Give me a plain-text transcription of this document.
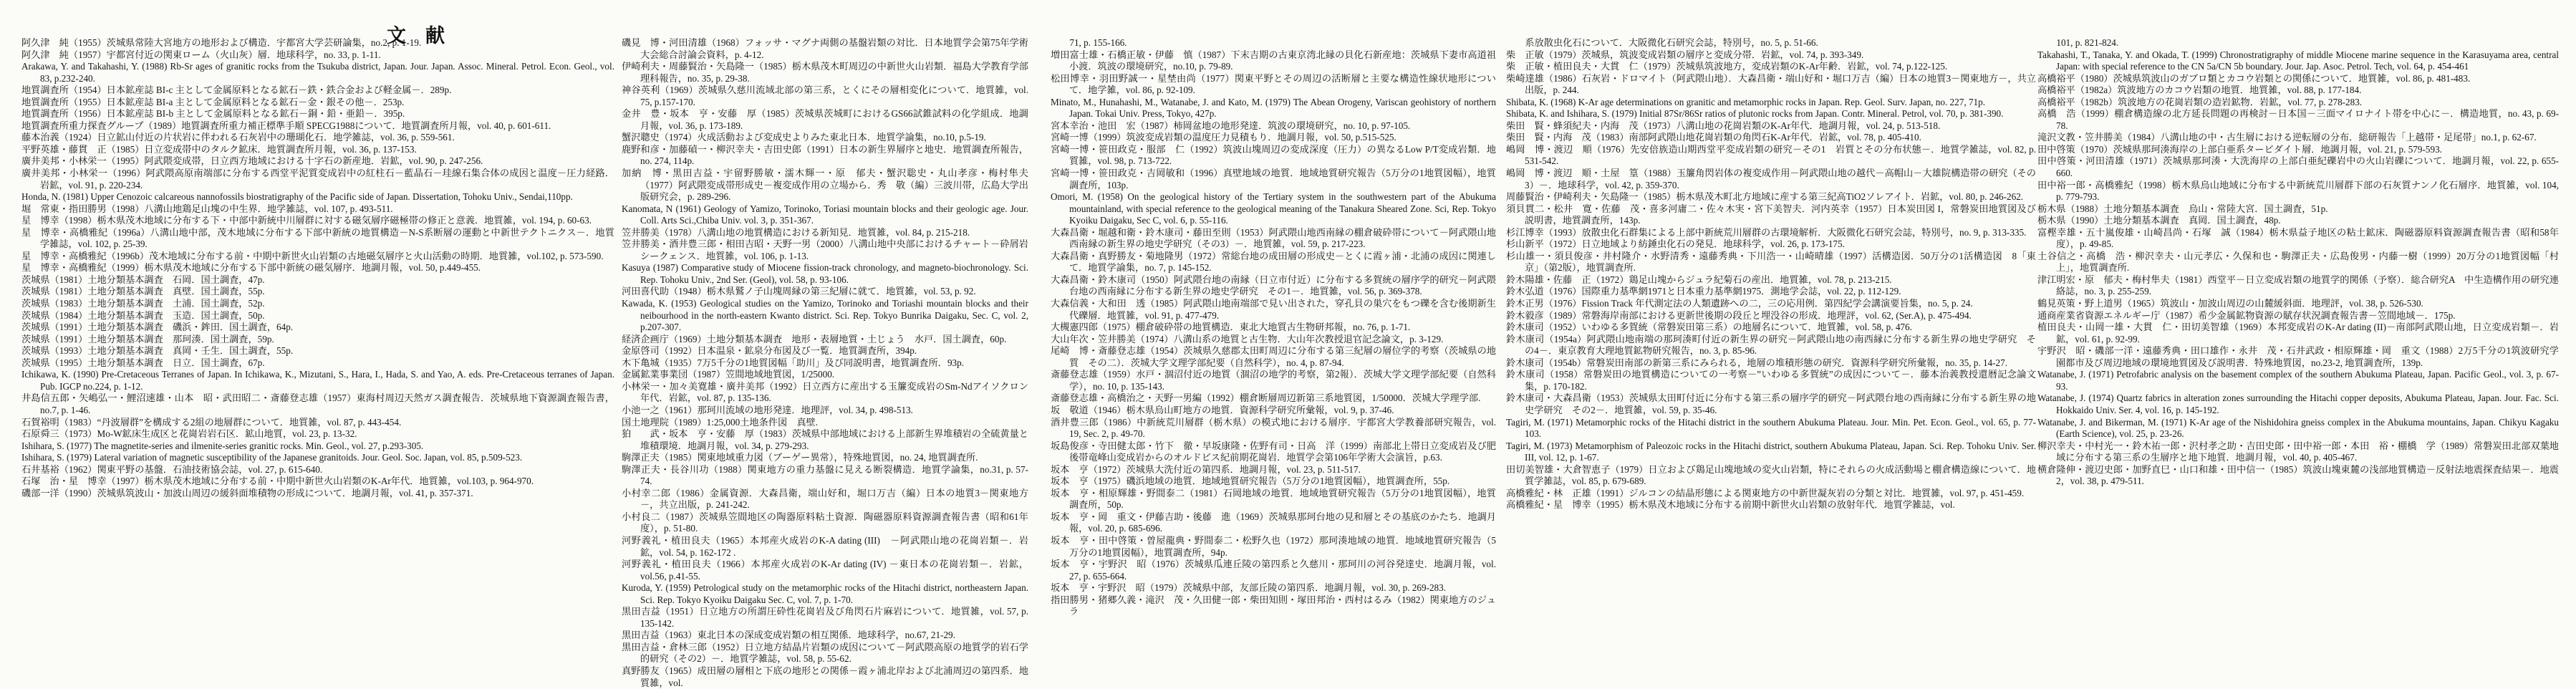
文　献

阿久津　純（1955）茨城県常陸大宮地方の地形および構造．宇都宮大学芸研論集，no.2, p. 1-19.

阿久津　純（1957）宇都宮付近の関東ローム（火山灰）層．地球科学，no. 33, p. 1-11.

Arakawa, Y. and Takahashi, Y. (1988) Rb-Sr ages of granitic rocks from the Tsukuba district, Japan. Jour. Japan. Assoc. Mineral. Petrol. Econ. Geol., vol. 83, p.232-240.

地質調査所（1954）日本鉱産誌 BI-c 主として金属原料となる鉱石－鉄・鉄合金および軽金属－．289p.

地質調査所（1955）日本鉱産誌 BI-a 主として金属原料となる鉱石－金・銀その他－．253p.

地質調査所（1956）日本鉱産誌 BI-b 主として金属原料となる鉱石－銅・鉛・亜鉛－．395p.

地質調査所重力探査グループ（1989）地質調査所重力補正標準手順 SPECG1988について．地質調査所月報，vol. 40, p. 601-611.

藤本治義（1924）日立鉱山付近の片状岩に伴われる石灰岩中の珊瑚化石．地学雑誌，vol. 36, p. 559-561.

平野英雄・藤貫　正（1985）日立変成帯中のタルク鉱床．地質調査所月報，vol. 36, p. 137-153.

廣井美邦・小林栄一（1995）阿武隈変成帯，日立西方地域における十字石の新産地．岩鉱，vol. 90, p. 247-256.

廣井美邦・小林栄一（1996）阿武隈高原南端部に分布する西堂平泥質変成岩中の紅柱石－藍晶石－珪線石集合体の成因と温度－圧力経路．岩鉱，vol. 91, p. 220-234.

Honda, N. (1981) Upper Cenozoic calcareous nannofossils biostratigraphy of the Pacific side of Japan. Dissertation, Tohoku Univ., Sendai,110pp.

堀　常東・指田勝男（1998）八溝山地鶏足山塊の中生界．地学雑誌，vol. 107, p. 493-511.

星　博幸（1998）栃木県茂木地域に分布する下・中部中新統中川層群に対する磁気層序磁極帯の修正と意義．地質雑，vol. 194, p. 60-63.

星　博幸・高橋雅紀（1996a）八溝山地中部，茂木地域に分布する下部中新統の地質構造－N-S系断層の運動と中新世テクトニクス－．地質学雑誌，vol. 102, p. 25-39.

星　博幸・高橋雅紀（1996b）茂木地域に分布する前・中期中新世火山岩類の古地磁気層序と火山活動の時期．地質雑，vol.102, p. 573-590.

星　博幸・高橋雅紀（1999）栃木県茂木地域に分布する下部中新統の磁気層序．地調月報，vol. 50, p.449-455.

茨城県（1981）土地分類基本調査　石岡．国土調査，47p.

茨城県（1981）土地分類基本調査　真壁．国土調査，55p.

茨城県（1983）土地分類基本調査　土浦．国土調査，52p.

茨城県（1984）土地分類基本調査　玉造．国土調査，50p.

茨城県（1991）土地分類基本調査　磯浜・鉾田．国土調査，64p.

茨城県（1991）土地分類基本調査　那珂湊．国土調査，59p.

茨城県（1993）土地分類基本調査　真岡・壬生．国土調査，55p.

茨城県（1995）土地分類基本調査　日立．国土調査，67p.

Ichikawa, K. (1990) Pre-Cretaceous Terranes of Japan. In Ichikawa, K., Mizutani, S., Hara, I., Hada, S. and Yao, A. eds. Pre-Cretaceous terranes of Japan. Pub. IGCP no.224, p. 1-12.

井島信五郎・矢嶋弘一・鯉沼速雄・山本　昭・武田昭二・斎藤登志雄（1957）東海村周辺天然ガス調査報告．茨城県地下資源調査報告書，no.7, p. 1-46.

石賀裕明（1983）“丹波層群”を構成する2組の地層群について．地質雑，vol. 87, p. 443-454.

石原舜三（1973）Mo-W鉱床生成区と花崗岩岩石区．鉱山地質，vol. 23, p. 13-32.

Ishihara, S. (1977) The magnetite-series and ilmenite-series granitic rocks. Min. Geol., vol. 27, p.293-305.

Ishihara, S. (1979) Lateral variation of magnetic susceptibility of the Japanese granitoids. Jour. Geol. Soc. Japan, vol. 85, p.509-523.

石井基裕（1962）関東平野の基盤．石油技術協会誌，vol. 27, p. 615-640.

石塚　治・星　博幸（1997）栃木県茂木地域に分布する前・中期中新世火山岩類のK-Ar年代．地質雑，vol.103, p. 964-970.

磯部一洋（1990）茨城県筑波山・加波山周辺の緩斜面堆積物の形成について．地調月報，vol. 41, p. 357-371.

磯見　博・河田清雄（1968）フォッサ・マグナ両側の基盤岩類の対比．日本地質学会第75年学術大会総合討論会資料，p. 4-12.

伊崎利夫・周藤賢治・矢島隆一（1985）栃木県茂木町周辺の中新世火山岩類．福島大学教育学部理科報告，no. 35, p. 29-38.

神谷英利（1969）茨城県久慈川流域北部の第三系，とくにその層相変化について．地質雑，vol. 75, p.157-170.

金井　豊・坂本　亨・安藤　厚（1985）茨城県茨城町におけるGS66試錐試料の化学組成．地調月報，vol. 36, p. 173-189.

蟹沢聰史（1974）火成活動および変成史よりみた東北日本．地質学論集，no.10, p.5-19.

鹿野和彦・加藤碵一・柳沢幸夫・吉田史郎（1991）日本の新生界層序と地史．地質調査所報告，no. 274, 114p.

加納　博・黒田吉益・宇留野勝敏・濡木輝一・原　郁夫・蟹沢聡史・丸山孝彦・梅村隼夫（1977）阿武隈変成帯形成史－複変成作用の立場から．秀　敬（編）三波川帯，広島大学出版研究会，p. 289-296.

Kanomata, N (1961) Geology of Yamizo, Torinoko, Toriasi mountain blocks and their geologic age. Jour. Coll. Arts Sci.,Chiba Univ. vol. 3, p. 351-367.

笠井勝美（1978）八溝山地の地質構造における新知見．地質雑，vol. 84, p. 215-218.

笠井勝美・酒井豊三郎・相田吉昭・天野一男（2000）八溝山地中央部におけるチャート－砕屑岩シークェンス．地質雑，vol. 106, p. 1-13.

Kasuya (1987) Comparative study of Miocene fission-track chronology, and magneto-biochronology. Sci. Rep. Tohoku Univ., 2nd Ser. (Geol), vol. 58, p. 93-106.

河田喜代助（1948）栃木県鷲ノ子山塊周縁の第三紀層に就て．地質雑，vol. 53, p. 92.

Kawada, K. (1953) Geological studies on the Yamizo, Torinoko and Toriashi mountain blocks and their neibourhood in the north-eastern Kwanto district. Sci. Rep. Tokyo Bunrika Daigaku, Sec. C, vol. 2, p.207-307.

経済企画庁（1969）土地分類基本調査　地形・表層地質・土じょう　水戸．国土調査，60p.

金原啓司（1992）日本温泉・鉱泉分布図及び一覧．地質調査所，394p.

木下亀城（1935）7万5千分の1地質図幅「助川」及び同説明書，地質調査所．93p.

金属鉱業事業団（1987）笠間地域地質図，1/25000.

小林栄一・加々美寛雄・廣井美邦（1992）日立西方に産出する玉簾変成岩のSm-Ndアイソクロン年代．岩鉱，vol. 87, p. 135-136.

小池一之（1961）那珂川流域の地形発達．地理評，vol. 34, p. 498-513.

国土地理院（1989）1:25,000土地条件図　真壁.

狛　　武・坂本　亨・安藤　厚（1983）茨城県中部地域における上部新生界堆積岩の全硫黄量と堆積環境．地調月報，vol. 34, p. 279-293.

駒澤正夫（1985）関東地域重力図（ブーゲー異常），特殊地質図，no. 24, 地質調査所.

駒澤正夫・長谷川功（1988）関東地方の重力基盤に見える断裂構造．地質学論集，no.31, p. 57-74.

小村幸二郎（1986）金属資源．大森昌衛，端山好和，堀口万吉（編）日本の地質3－関東地方－，共立出版，p. 241-242.

小村良二（1987）茨城県笠間地区の陶器原料粘土資源．陶磁器原料資源調査報告書（昭和61年度），p. 51-80.

河野義礼・植田良夫（1965）本邦産火成岩のK-A dating (III)　－阿武隈山地の花崗岩類－．岩鉱，vol. 54, p. 162-172 .

河野義礼・植田良夫（1966）本邦産火成岩のK-Ar dating (IV) －東日本の花崗岩類－．岩鉱，vol.56, p.41-55.

Kuroda, Y. (1959) Petrological study on the metamorphic rocks of the Hitachi district, northeastern Japan. Sci. Rep. Tokyo Kyoiku Daigaku Sec. C, vol. 7, p. 1-70.

黒田吉益（1951）日立地方の所謂圧砕性花崗岩及び角閃石片麻岩について．地質雑，vol. 57, p. 135-142.

黒田吉益（1963）東北日本の深成変成岩類の相互関係．地球科学，no.67, 21-29.

黒田吉益・倉林三郎（1952）日立地方結晶片岩類の成因について－阿武隈高原の地質学的岩石学的研究（その2）－．地質学雑誌，vol. 58, p. 55-62.

真野勝友（1965）成田層の層相と下底の地形との関係－霞ヶ浦北岸および北浦周辺の第四系．地質雑，vol.

　　71, p. 155-166.

増田富士雄・石橋正敏・伊藤　慎（1987）下末吉期の古東京湾北縁の貝化石新産地：茨城県下妻市高道祖小渡．筑波の環境研究，no.10, p. 79-89.

松田博幸・羽田野誠一・星埜由尚（1977）関東平野とその周辺の活断層と主要な構造性線状地形について．地学雑，vol. 86, p. 92-109.

Minato, M., Hunahashi, M., Watanabe, J. and Kato, M. (1979) The Abean Orogeny, Variscan geohistory of northern Japan. Tokai Univ. Press, Tokyo, 427p.

宮本幸治・池田　宏（1987）柿岡盆地の地形発達．筑波の環境研究，no. 10, p. 97-105.

宮崎一博（1999）筑波変成岩類の温度圧力見積もり．地調月報，vol. 50, p.515-525.

宮崎一博・笹田政克・服部　仁（1992）筑波山塊周辺の変成深度（圧力）の異なるLow P/T変成岩類．地質雑，vol. 98, p. 713-722.

宮崎一博・笹田政克・吉岡敏和（1996）真壁地域の地質．地域地質研究報告（5万分の1地質図幅），地質調査所，103p.

Omori, M. (1958) On the geological history of the Tertiary system in the southwestern part of the Abukuma mountainland, with special reference to the geological meaning of the Tanakura Sheared Zone. Sci, Rep. Tokyo Kyoiku Daigaku, Sec C, vol. 6, p. 55-116.

大森昌衛・堀越和衛・鈴木康司・藤田至則（1953）阿武隈山地西南縁の棚倉破砕帯について－阿武隈山地西南縁の新生界の地史学研究（その3）－．地質雑，vol. 59, p. 217-223.

大森昌衛・真野勝友・菊地隆男（1972）常総台地の成田層の形成史－とくに霞ヶ浦・北浦の成因に関連して．地質学論集，no. 7, p. 145-152.

大森昌衛・鈴木康司（1950）阿武隈台地の南縁（日立市付近）に分布する多賀統の層序学的研究－阿武隈台地の西南縁に分布する新生界の地史学研究　その1－．地質雑，vol. 56, p. 369-378.

大森信義・大和田　透（1985）阿武隈山地南端部で見い出された，穿孔貝の巣穴をもつ礫を含む後期新生代礫層．地質雑，vol. 91, p. 477-479.

大槻憲四郎（1975）棚倉破砕帯の地質構造．東北大地質古生物研邦報，no. 76, p. 1-71.

大山年次・笠井勝美（1974）八溝山系の地質と古生物．大山年次教授退官記念論文，p. 3-129.

尾崎　博・斎藤登志雄（1954）茨城県久慈郡太田町周辺に分布する第三紀層の層位学的考察（茨城県の地質　その二）．茨城大学文理学部紀要（自然科学），no. 4, p. 87-94.

斎藤登志雄（1959）水戸・涸沼付近の地質（涸沼の地学的考察，第2報）．茨城大学文理学部紀要（自然科学），no. 10, p. 135-143.

斎藤登志雄・高橋治之・天野一男編（1992）棚倉断層周辺新第三系地質図，1/50000．茨城大学理学部.

坂　敬道（1946）栃木県烏山町地方の地質．資源科学研究所彙報，vol. 9, p. 37-46.

酒井豊三郎（1986）中新統荒川層群（栃木県）の模式地における層序．宇都宮大学教養部研究報告，vol. 19, Sec. 2, p. 49-70.

坂島俊彦・寺田健太郎・竹下　徹・早坂康隆・佐野有司・日高　洋（1999）南部北上帯日立変成岩及び肥後帯竜峰山変成岩からのオルドビス紀前期花崗岩．地質学会第106年学術大会演旨，p.63.

坂本　亨（1972）茨城県大洗付近の第四系．地調月報，vol. 23, p. 511-517.

坂本　亨（1975）磯浜地域の地質．地域地質研究報告（5万分の1地質図幅），地質調査所，55p.

坂本　亨・相原輝雄・野間泰二（1981）石岡地域の地質．地域地質研究報告（5万分の1地質図幅），地質調査所，50p.

坂本　亨・岡　重文・伊藤吉助・後藤　進（1969）茨城県那珂台地の見和層とその基底のかたち．地調月報，vol. 20, p. 685-696.

坂本　亨・田中啓策・曽屋龍典・野間泰二・松野久也（1972）那珂湊地域の地質．地域地質研究報告（5万分の1地質図幅），地質調査所，94p.

坂本　亨・宇野沢　昭（1976）茨城県瓜連丘陵の第四系と久慈川・那珂川の河谷発達史．地調月報，vol. 27, p. 655-664.

坂本　亨・宇野沢　昭（1979）茨城県中部，友部丘陵の第四系．地調月報，vol. 30, p. 269-283.

指田勝男・猪郷久義・滝沢　茂・久田健一郎・柴田知則・塚田邦治・西村はるみ（1982）関東地方のジュラ

　　系放散虫化石について．大阪微化石研究会誌，特別号，no. 5, p. 51-66.

柴　正敏（1979）茨城県，筑波変成岩類の層序と変成分帯．岩鉱，vol. 74, p. 393-349.

柴　正敏・植田良夫・大貫　仁（1979）茨城県筑波地方，変成岩類のK-Ar年齢．岩鉱，vol. 74, p.122-125.

柴崎達雄（1986）石灰岩・ドロマイト（阿武隈山地）．大森昌衛・端山好和・堀口万吉（編）日本の地質3－関東地方－，共立出版，p. 244.

Shibata, K. (1968) K-Ar age determinations on granitic and metamorphic rocks in Japan. Rep. Geol. Surv. Japan, no. 227, 71p.

Shibata, K. and Ishihara, S. (1979) Initial 87Sr/86Sr ratios of plutonic rocks from Japan. Contr. Mineral. Petrol, vol. 70, p. 381-390.

柴田　賢・蜂須紀夫・内海　茂（1973）八溝山地の花崗岩類のK-Ar年代．地調月報，vol. 24, p. 513-518.

柴田　賢・内海　茂（1983）南部阿武隈山地花崗岩類の角閃石K-Ar年代．岩鉱，vol. 78, p. 405-410.

嶋岡　博・渡辺　順（1976）先安倍族造山期西堂平変成岩類の研究－その1　岩質とその分布状態－．地質学雑誌，vol. 82, p. 531-542.

嶋岡　博・渡辺　順・土屋　篁（1988）玉簾角閃岩体の複変成作用－阿武隈山地の越代－高帽山－大雄院構造帯の研究（その3）－．地球科学，vol. 42, p. 359-370.

周藤賢治・伊崎利夫・矢島隆一（1985）栃木県茂木町北方地域に産する第三紀高TiO2ソレアイト．岩鉱，vol. 80, p. 246-262.

須貝貫二・松井　寛・佐藤　茂・喜多河庸二・佐々木実・宮下美智夫．河内英幸（1957）日本炭田図 I，常磐炭田地質図及び説明書，地質調査所，143p.

杉江博幸（1993）放散虫化石群集による上部中新統荒川層群の古環境解析．大阪微化石研究会誌，特別号，no. 9, p. 313-335.

杉山新平（1972）日立地域より紡錘虫化石の発見．地球科学，vol. 26, p. 173-175.

杉山雄一・須貝俊彦・井村隆介・水野清秀・遠藤秀典・下川浩一・山崎晴雄（1997）活構造図．50万分の1活構造図　8「東京」（第2版），地質調査所.

鈴木陽雄・佐藤　正（1972）鶏足山塊からジュラ紀菊石の産出．地質雑，vol. 78, p. 213-215.

鈴木弘道（1976）国際重力基準網1971と日本重力基準網1975．測地学会誌，vol. 22, p. 112-129.

鈴木正男（1976）Fission Track 年代測定法の人類遺跡への二，三の応用例．第四紀学会講演要旨集，no. 5, p. 24.

鈴木毅彦（1989）常磐海岸南部における更新世後期の段丘と埋没谷の形成．地理評，vol. 62, (Ser.A), p. 475-494.

鈴木康司（1952）いわゆる多賀統（常磐炭田第三系）の地層名について．地質雑，vol. 58, p. 476.

鈴木康司（1954a）阿武隈山地南端の那珂湊町付近の新生界の研究－阿武隈山地の南西縁に分布する新生界の地史学研究　その4－．東京教育大理地質鉱物研究報告，no. 3, p. 85-96.

鈴木康司（1954b）常磐炭田南部の新第三系にみられる，地層の堆積形態の研究．資源科学研究所彙報，no. 35, p. 14-27.

鈴木康司（1958）常磐炭田の地質構造についての一考察－”いわゆる多賀統”の成因について－．藤本治義教授還暦記念論文集，p. 170-182.

鈴木康司・大森昌衛（1953）茨城県太田町付近に分布する第三系の層序学的研究－阿武隈台地の西南縁に分布する新生界の地史学研究　その2－．地質雑，vol. 59, p. 35-46.

Tagiri, M. (1971) Metamorphic rocks of the Hitachi district in the southern Abukuma Plateau. Jour. Min. Pet. Econ. Geol., vol. 65, p. 77-103.

Tagiri, M. (1973) Metamorphism of Paleozoic rocks in the Hitachi district, southern Abukuma Plateau, Japan. Sci. Rep. Tohoku Univ. Ser. III, vol. 12, p. 1-67.

田切美智雄・大倉智恵子（1979）日立および鶏足山塊地域の変火山岩類，特にそれらの火成活動場と棚倉構造線について．地質学雑誌，vol. 85, p. 679-689.

高橋雅紀・林　正雄（1991）ジルコンの結晶形態による関東地方の中新世凝灰岩の分類と対比．地質雑，vol. 97, p. 451-459.

高橋雅紀・星　博幸（1995）栃木県茂木地域に分布する前期中新世火山岩類の放射年代．地質学雑誌，vol.

　　101, p. 821-824.

Takahashi, T., Tanaka, Y. and Okada, T. (1999) Chronostratigraphy of middle Miocene marine sequence in the Karasuyama area, central Japan: with special reference to the CN 5a/CN 5b boundary. Jour. Jap. Asoc. Petrol. Tech, vol. 64, p. 454-461

高橋裕平（1980）茨城県筑波山のガブロ類とカコウ岩類との関係について．地質雑，vol. 86, p. 481-483.

高橋裕平（1982a）筑波地方のカコウ岩類の地質．地質雑，vol. 88, p. 177-184.

高橋裕平（1982b）筑波地方の花崗岩類の造岩鉱物．岩鉱，vol. 77, p. 278-283.

高橋　浩（1999）棚倉構造線の北方延長問題の再検討－日本国－三面マイロナイト帯を中心に－．構造地質，no. 43, p. 69-78.

滝沢文教・笠井勝美（1984）八溝山地の中・古生層における逆転層の分布．総研報告「上越帯・足尾帯」no.1, p. 62-67.

田中啓策（1970）茨城県那珂湊海岸の上部白亜系タービダイト層．地調月報，vol. 21, p. 579-593.

田中啓策・河田清雄（1971）茨城県那珂湊・大洗海岸の上部白亜紀礫岩中の火山岩礫について．地調月報，vol. 22, p. 655-660.

田中裕一郎・高橋雅紀（1998）栃木県烏山地域に分布する中新統荒川層群下部の石灰質ナンノ化石層序．地質雑，vol. 104, p. 779-793.

栃木県（1988）土地分類基本調査　烏山・常陸大宮．国土調査，51p.

栃木県（1990）土地分類基本調査　真岡．国土調査，48p.

富樫幸雄・五十嵐俊雄・山崎昌尚・石塚　誠（1984）栃木県益子地区の粘土鉱床．陶磁器原料資源調査報告書（昭和58年度），p. 49-85.

土谷信之・高橋　浩・柳沢幸夫・山元孝広・久保和也・駒澤正夫・広島俊男・内藤一樹（1999）20万分の1地質図幅「村上」，地質調査所.

津江明宏・原　郁夫・梅村隼夫（1981）西堂平－日立変成岩類の地質学的関係（予察）．総合研究A　中生造構作用の研究連絡誌，no. 3, p. 255-259.

鶴見英策・野上道男（1965）筑波山・加波山周辺の山麓緩斜面．地理評，vol. 38, p. 526-530.

通商産業省資源エネルギー庁（1987）希少金属鉱物資源の賦存状況調査報告書－笠間地域－．175p.

植田良夫・山岡一雄・大貫　仁・田切美智雄（1969）本邦変成岩のK-Ar dating (II)－南部阿武隈山地，日立変成岩類－．岩鉱，vol. 61, p. 92-99.

宇野沢　昭・磯部一洋・遠藤秀典・田口雄作・永井　茂・石井武政・相原輝雄・岡　重文（1988）2万5千分の1筑波研究学園都市及び周辺地域の環境地質図及び説明書．特殊地質図，no.23-2, 地質調査所，139p.

Watanabe, J. (1971) Petrofabric analysis on the basement complex of the southern Abukuma Plateau, Japan. Pacific Geol., vol. 3, p. 67-93.

Watanabe, J. (1974) Quartz fabrics in alteration zones surrounding the Hitachi copper deposits, Abukuma Plateau, Japan. Jour. Fac. Sci. Hokkaido Univ. Ser. 4, vol. 16, p. 145-192.

Watanabe, J. and Bikerman, M. (1971) K-Ar age of the Nishidohira gneiss complex in the Abukuma mountains, Japan. Chikyu Kagaku (Earth Science), vol. 25, p. 23-26.

柳沢幸夫・中村光一・鈴木祐一郎・沢村孝之助・吉田史郎・田中裕一郎・本田　裕・棚橋　学（1989）常磐炭田北部双葉地域に分布する第三系の生層序と地下地質．地調月報，vol. 40, p. 405-467.

横倉隆伸・渡辺史郎・加野直巳・山口和雄・田中信一（1985）筑波山塊東麓の浅部地質構造－反射法地震探査結果－．地震2，vol. 38, p. 479-511.
